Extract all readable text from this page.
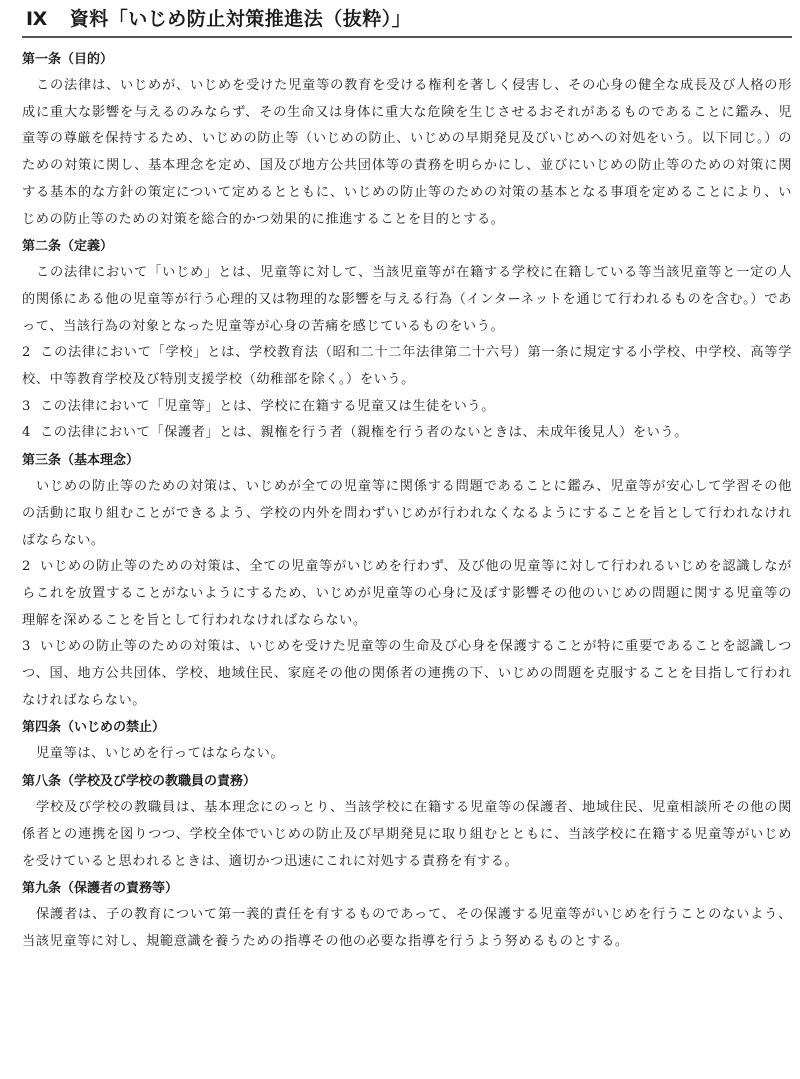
Ⅸ 資料「いじめ防止対策推進法（抜粋）」
第一条（目的）

この法律は、いじめが、いじめを受けた児童等の教育を受ける権利を著しく侵害し、その心身の健全な成長及び人格の形成に重大な影響を与えるのみならず、その生命又は身体に重大な危険を生じさせるおそれがあるものであることに鑑み、児童等の尊厳を保持するため、いじめの防止等（いじめの防止、いじめの早期発見及びいじめへの対処をいう。以下同じ。）のための対策に関し、基本理念を定め、国及び地方公共団体等の責務を明らかにし、並びにいじめの防止等のための対策に関する基本的な方針の策定について定めるとともに、いじめの防止等のための対策の基本となる事項を定めることにより、いじめの防止等のための対策を総合的かつ効果的に推進することを目的とする。

第二条（定義）

この法律において「いじめ」とは、児童等に対して、当該児童等が在籍する学校に在籍している等当該児童等と一定の人的関係にある他の児童等が行う心理的又は物理的な影響を与える行為（インターネットを通じて行われるものを含む。）であって、当該行為の対象となった児童等が心身の苦痛を感じているものをいう。

2 この法律において「学校」とは、学校教育法（昭和二十二年法律第二十六号）第一条に規定する小学校、中学校、高等学校、中等教育学校及び特別支援学校（幼稚部を除く。）をいう。

3 この法律において「児童等」とは、学校に在籍する児童又は生徒をいう。

4 この法律において「保護者」とは、親権を行う者（親権を行う者のないときは、未成年後見人）をいう。

第三条（基本理念）

いじめの防止等のための対策は、いじめが全ての児童等に関係する問題であることに鑑み、児童等が安心して学習その他の活動に取り組むことができるよう、学校の内外を問わずいじめが行われなくなるようにすることを旨として行われなければならない。

2 いじめの防止等のための対策は、全ての児童等がいじめを行わず、及び他の児童等に対して行われるいじめを認識しながらこれを放置することがないようにするため、いじめが児童等の心身に及ぼす影響その他のいじめの問題に関する児童等の理解を深めることを旨として行われなければならない。

3 いじめの防止等のための対策は、いじめを受けた児童等の生命及び心身を保護することが特に重要であることを認識しつつ、国、地方公共団体、学校、地域住民、家庭その他の関係者の連携の下、いじめの問題を克服することを目指して行われなければならない。

第四条（いじめの禁止）

児童等は、いじめを行ってはならない。

第八条（学校及び学校の教職員の責務）

学校及び学校の教職員は、基本理念にのっとり、当該学校に在籍する児童等の保護者、地域住民、児童相談所その他の関係者との連携を図りつつ、学校全体でいじめの防止及び早期発見に取り組むとともに、当該学校に在籍する児童等がいじめを受けていると思われるときは、適切かつ迅速にこれに対処する責務を有する。

第九条（保護者の責務等）

保護者は、子の教育について第一義的責任を有するものであって、その保護する児童等がいじめを行うことのないよう、当該児童等に対し、規範意識を養うための指導その他の必要な指導を行うよう努めるものとする。
